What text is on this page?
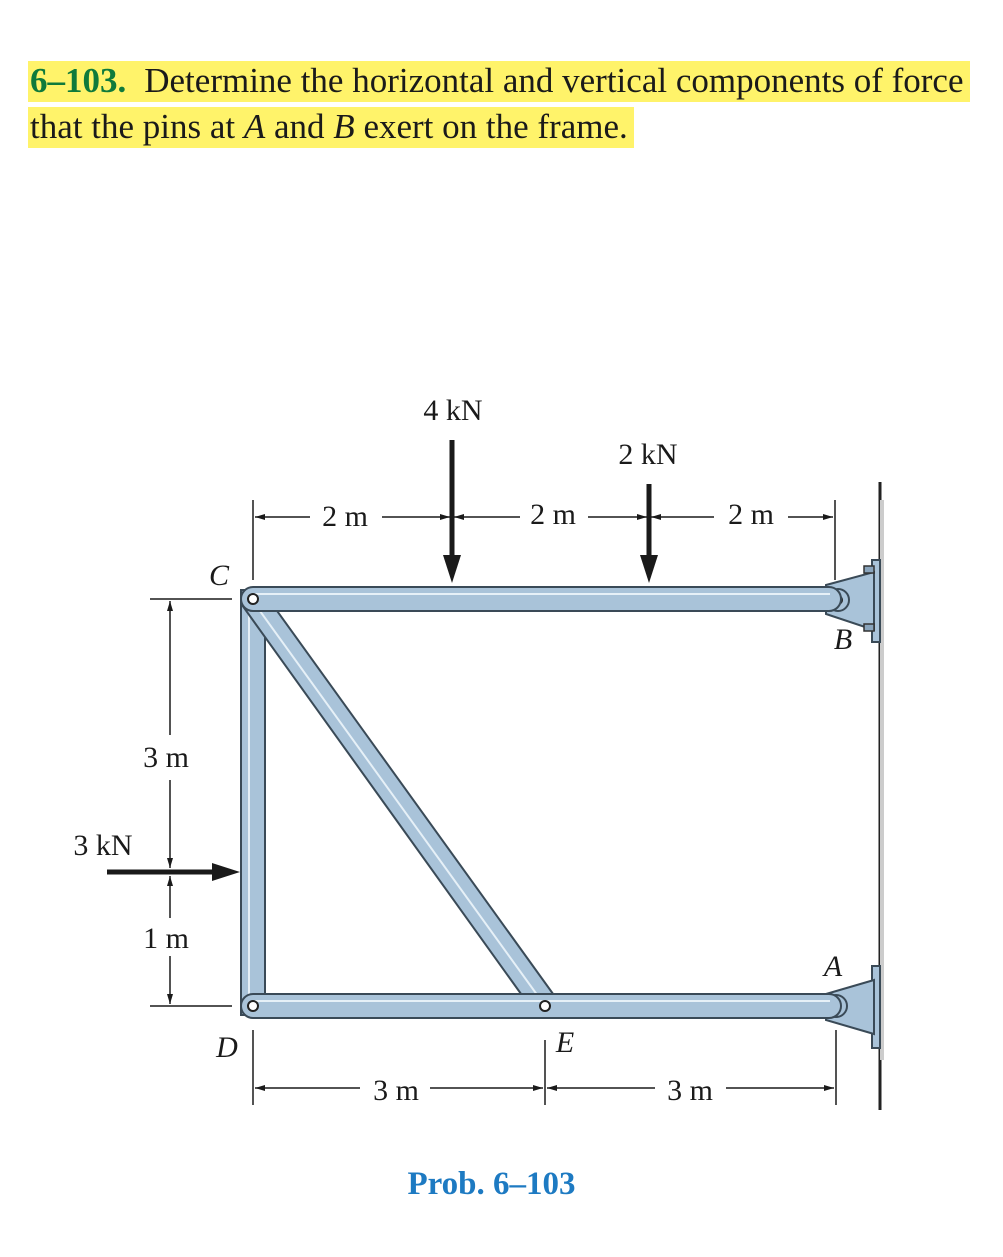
6–103. Determine the horizontal and vertical components of force that the pins at A and B exert on the frame.
4 kN
2 kN
3 kN
2 m	2 m	2 m
3 m
1 m
3 m	3 m
C
B
A
D	E
Prob. 6–103
